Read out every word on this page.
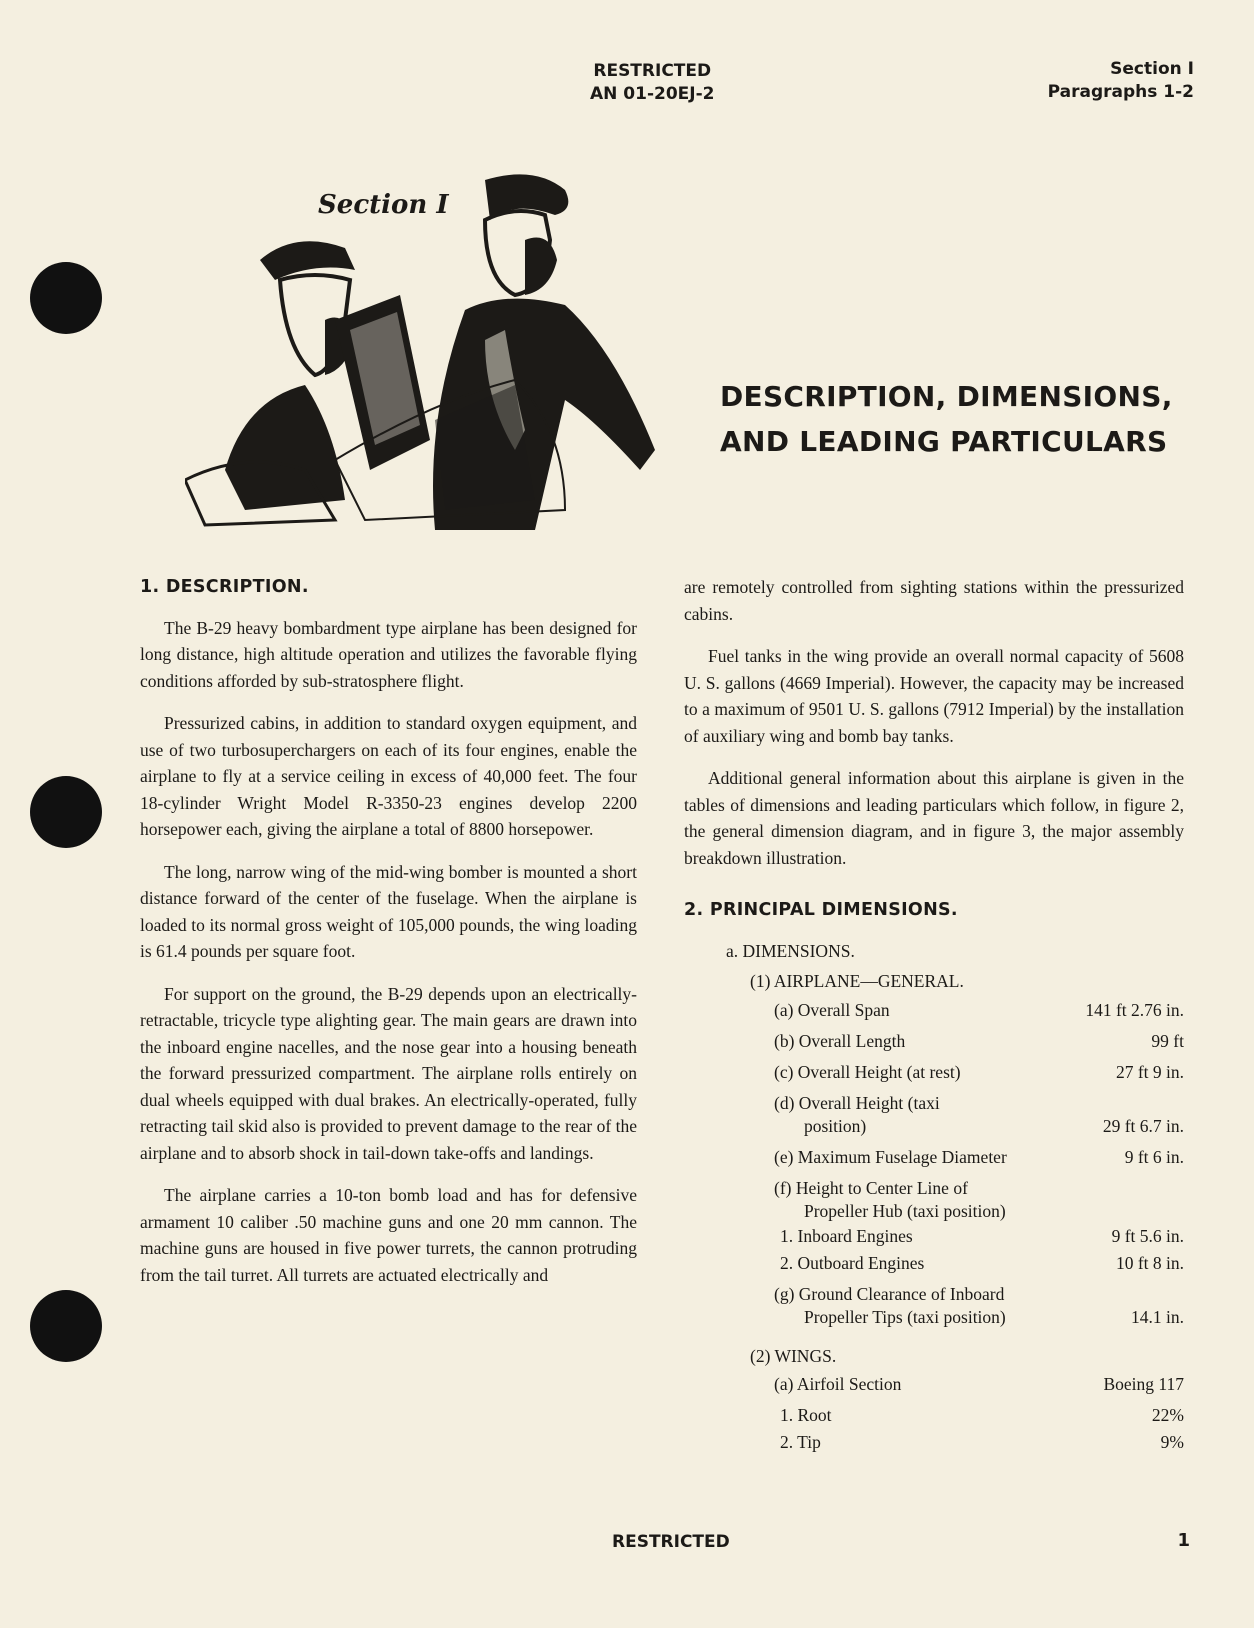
RESTRICTED
AN 01-20EJ-2
Section I
Paragraphs 1-2
Section I
DESCRIPTION, DIMENSIONS,
AND LEADING PARTICULARS
1. DESCRIPTION.

The B-29 heavy bombardment type airplane has been designed for long distance, high altitude operation and utilizes the favorable flying conditions afforded by sub-stratosphere flight.

Pressurized cabins, in addition to standard oxygen equipment, and use of two turbosuperchargers on each of its four engines, enable the airplane to fly at a service ceiling in excess of 40,000 feet. The four 18-cylinder Wright Model R-3350-23 engines develop 2200 horsepower each, giving the airplane a total of 8800 horsepower.

The long, narrow wing of the mid-wing bomber is mounted a short distance forward of the center of the fuselage. When the airplane is loaded to its normal gross weight of 105,000 pounds, the wing loading is 61.4 pounds per square foot.

For support on the ground, the B-29 depends upon an electrically-retractable, tricycle type alighting gear. The main gears are drawn into the inboard engine nacelles, and the nose gear into a housing beneath the forward pressurized compartment. The airplane rolls entirely on dual wheels equipped with dual brakes. An electrically-operated, fully retracting tail skid also is provided to prevent damage to the rear of the airplane and to absorb shock in tail-down take-offs and landings.

The airplane carries a 10-ton bomb load and has for defensive armament 10 caliber .50 machine guns and one 20 mm cannon. The machine guns are housed in five power turrets, the cannon protruding from the tail turret. All turrets are actuated electrically and

are remotely controlled from sighting stations within the pressurized cabins.

Fuel tanks in the wing provide an overall normal capacity of 5608 U. S. gallons (4669 Imperial). However, the capacity may be increased to a maximum of 9501 U. S. gallons (7912 Imperial) by the installation of auxiliary wing and bomb bay tanks.

Additional general information about this airplane is given in the tables of dimensions and leading particulars which follow, in figure 2, the general dimension diagram, and in figure 3, the major assembly breakdown illustration.

2. PRINCIPAL DIMENSIONS.
a. DIMENSIONS.
(1) AIRPLANE—GENERAL.
(a) Overall Span	141 ft 2.76 in.
(b) Overall Length	99 ft
(c) Overall Height (at rest)	27 ft 9 in.
(d) Overall Height (taxi
position)	29 ft 6.7 in.
(e) Maximum Fuselage Diameter	9 ft 6 in.
(f) Height to Center Line of
Propeller Hub (taxi position)
1. Inboard Engines	9 ft 5.6 in.
2. Outboard Engines	10 ft 8 in.
(g) Ground Clearance of Inboard
Propeller Tips (taxi position)	14.1 in.
(2) WINGS.
(a) Airfoil Section	Boeing 117
1. Root	22%
2. Tip	9%
RESTRICTED	1
